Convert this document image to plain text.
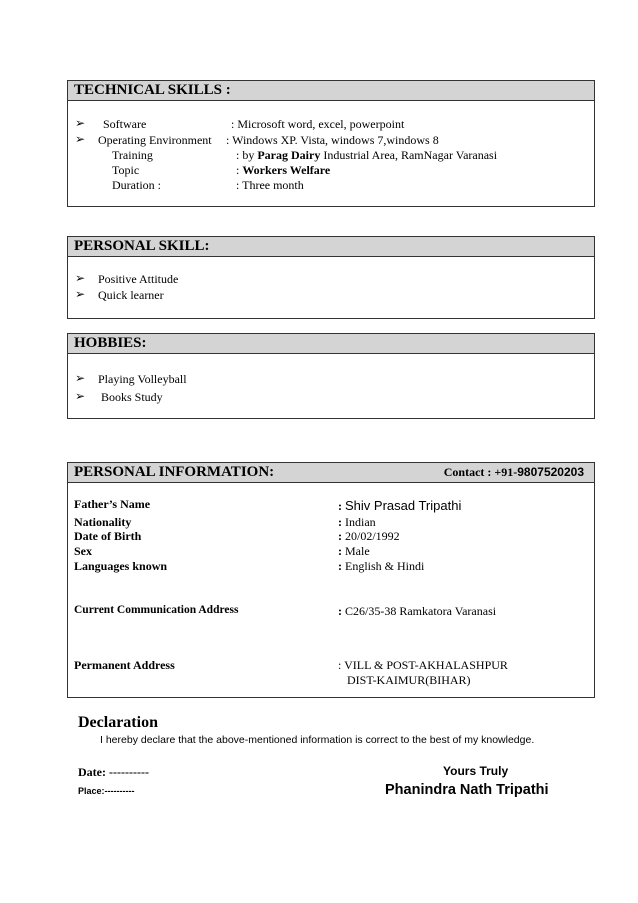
TECHNICAL SKILLS :
➢ Software	: Microsoft word, excel, powerpoint
➢ Operating Environment : Windows XP. Vista, windows 7,windows 8
Training	: by Parag Dairy Industrial Area, RamNagar Varanasi
Topic	: Workers Welfare
Duration :	: Three month
PERSONAL SKILL:
➢ Positive Attitude
➢ Quick learner
HOBBIES:
➢ Playing Volleyball
➢ Books Study
PERSONAL INFORMATION:	Contact : +91-9807520203
Father’s Name	: Shiv Prasad Tripathi
Nationality	: Indian
Date of Birth	: 20/02/1992
Sex	: Male
Languages known	: English & Hindi
Current Communication Address	: C26/35-38 Ramkatora Varanasi
Permanent Address	: VILL & POST-AKHALASHPUR
DIST-KAIMUR(BIHAR)
Declaration
I hereby declare that the above-mentioned information is correct to the best of my knowledge.
Date: ----------
Place:----------
Yours Truly
Phanindra Nath Tripathi
